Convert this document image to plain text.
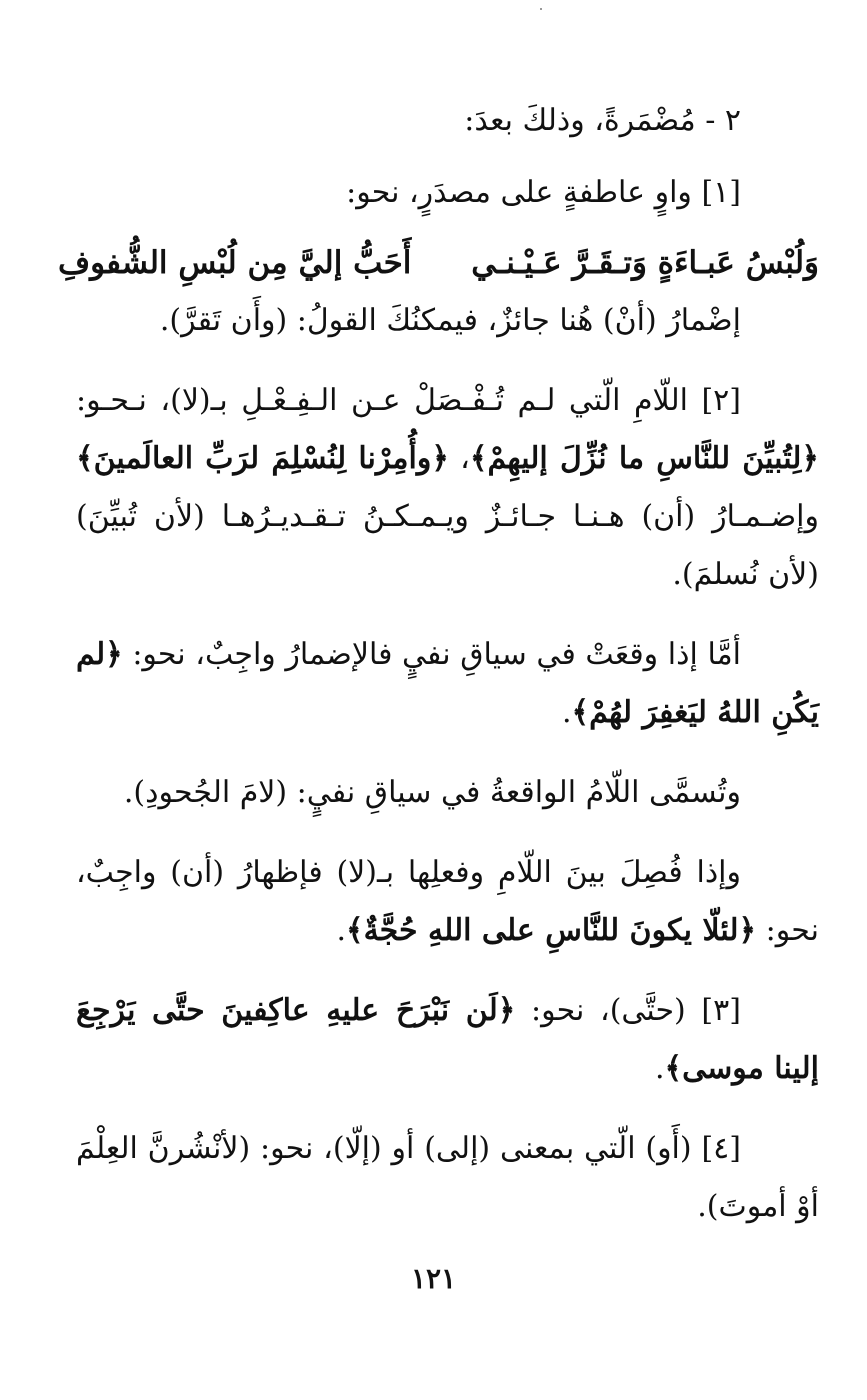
٢ - مُضْمَرةً، وذلكَ بعدَ:

[١] واوٍ عاطفةٍ على مصدَرٍ، نحو:

وَلُبْسُ عَبـاءَةٍ وَتـقَـرَّ عَـيْـنـي
أَحَبُّ إليَّ مِن لُبْسِ الشُّفوفِ

إضْمارُ (أنْ) هُنا جائزٌ، فيمكنُكَ القولُ: (وأَن تَقرَّ).

[٢] اللّامِ الّتي لـم تُـفْـصَلْ عـن الـفِـعْـلِ بـ(لا)، نـحـو: ﴿لِتُبيِّنَ للنَّاسِ ما نُزِّلَ إليهِمْ﴾، ﴿وأُمِرْنا لِنُسْلِمَ لرَبِّ العالَمينَ﴾ وإضـمـارُ (أن) هـنـا جـائـزٌ ويـمـكـنُ تـقـديـرُهـا (لأن تُبيِّنَ) (لأن نُسلمَ).

أمَّا إذا وقعَتْ في سياقِ نفيٍ فالإضمارُ واجِبٌ، نحو: ﴿لم يَكُنِ اللهُ ليَغفِرَ لهُمْ﴾.

وتُسمَّى اللّامُ الواقعةُ في سياقِ نفيٍ: (لامَ الجُحودِ).

وإذا فُصِلَ بينَ اللّامِ وفعلِها بـ(لا) فإظهارُ (أن) واجِبٌ، نحو: ﴿لئلّا يكونَ للنَّاسِ على اللهِ حُجَّةٌ﴾.

[٣] (حتَّى)، نحو: ﴿لَن نَبْرَحَ عليهِ عاكِفينَ حتَّى يَرْجِعَ إلينا موسى﴾.

[٤] (أَو) الّتي بمعنى (إلى) أو (إلّا)، نحو: (لأنْشُرنَّ العِلْمَ أوْ أموتَ).

١٢١
